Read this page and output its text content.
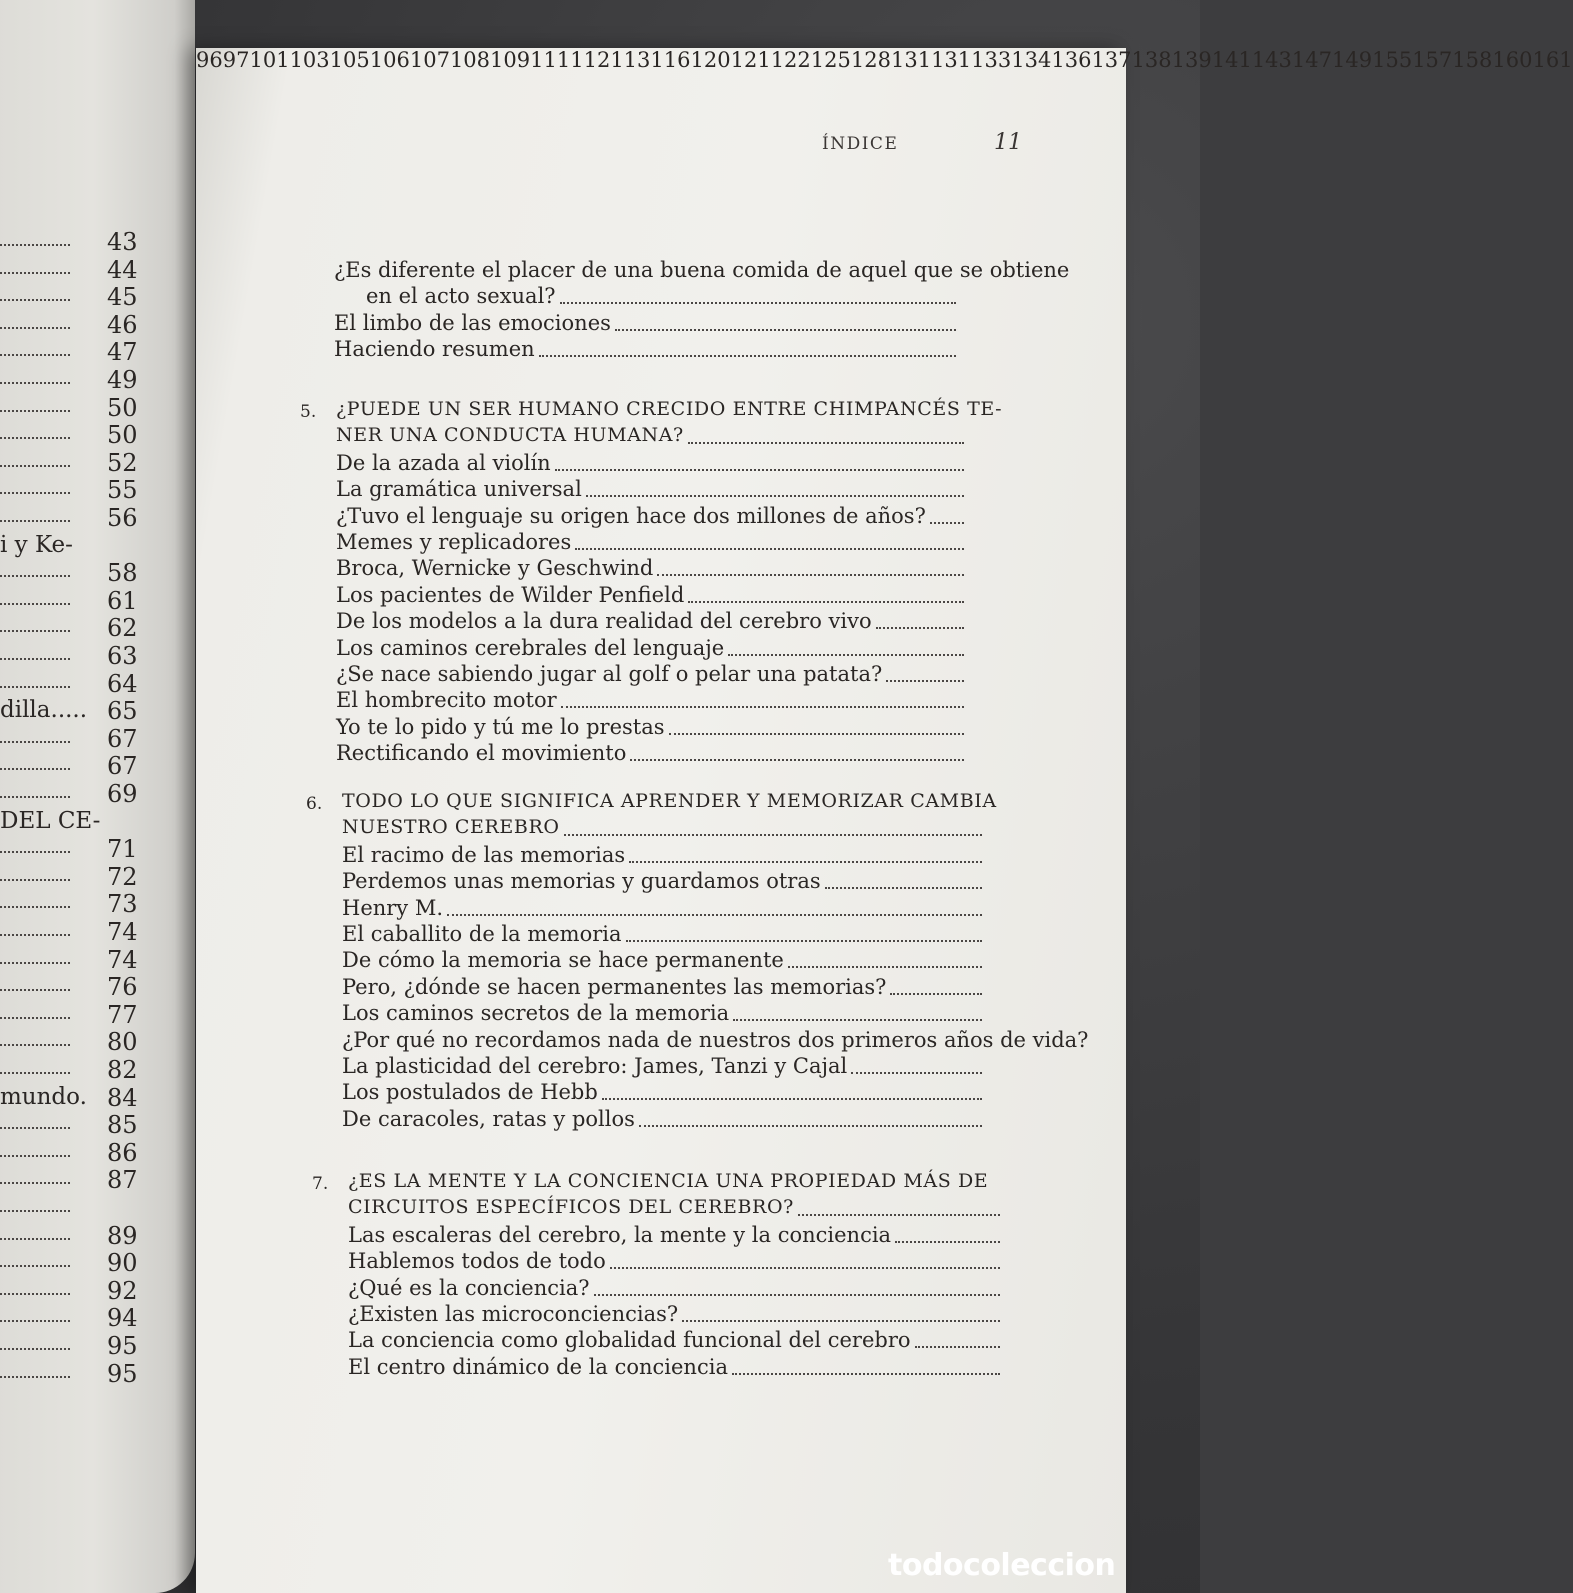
43
44
45
46
47
49
50
50
52
55
56
i y Ke-
58
61
62
63
64
dilla..... 65
67
67
69
DEL CE-
71
72
73
74
74
76
77
80
82
mundo. 84
85
86
87
89
90
92
94
95
95
ÍNDICE	11
¿Es diferente el placer de una buena comida de aquel que se obtiene
96
en el acto sexual?
97
El limbo de las emociones
101
Haciendo resumen
5. ¿PUEDE UN SER HUMANO CRECIDO ENTRE CHIMPANCÉS TE-
103
NER UNA CONDUCTA HUMANA?
105
De la azada al violín
106
La gramática universal
107
¿Tuvo el lenguaje su origen hace dos millones de años?
108
Memes y replicadores
109
Broca, Wernicke y Geschwind
111
Los pacientes de Wilder Penfield
112
De los modelos a la dura realidad del cerebro vivo
113
Los caminos cerebrales del lenguaje
116
¿Se nace sabiendo jugar al golf o pelar una patata?
120
El hombrecito motor
121
Yo te lo pido y tú me lo prestas
122
Rectificando el movimiento
6. TODO LO QUE SIGNIFICA APRENDER Y MEMORIZAR CAMBIA
125
NUESTRO CEREBRO
128
El racimo de las memorias
131
Perdemos unas memorias y guardamos otras
131
Henry M.
133
El caballito de la memoria
134
De cómo la memoria se hace permanente
136
Pero, ¿dónde se hacen permanentes las memorias?
137
Los caminos secretos de la memoria
138
¿Por qué no recordamos nada de nuestros dos primeros años de vida?
139
La plasticidad del cerebro: James, Tanzi y Cajal
141
Los postulados de Hebb
143
De caracoles, ratas y pollos
7. ¿ES LA MENTE Y LA CONCIENCIA UNA PROPIEDAD MÁS DE
147
CIRCUITOS ESPECÍFICOS DEL CEREBRO?
149
Las escaleras del cerebro, la mente y la conciencia
155
Hablemos todos de todo
157
¿Qué es la conciencia?
158
¿Existen las microconciencias?
160
La conciencia como globalidad funcional del cerebro
161
El centro dinámico de la conciencia
todocoleccion
